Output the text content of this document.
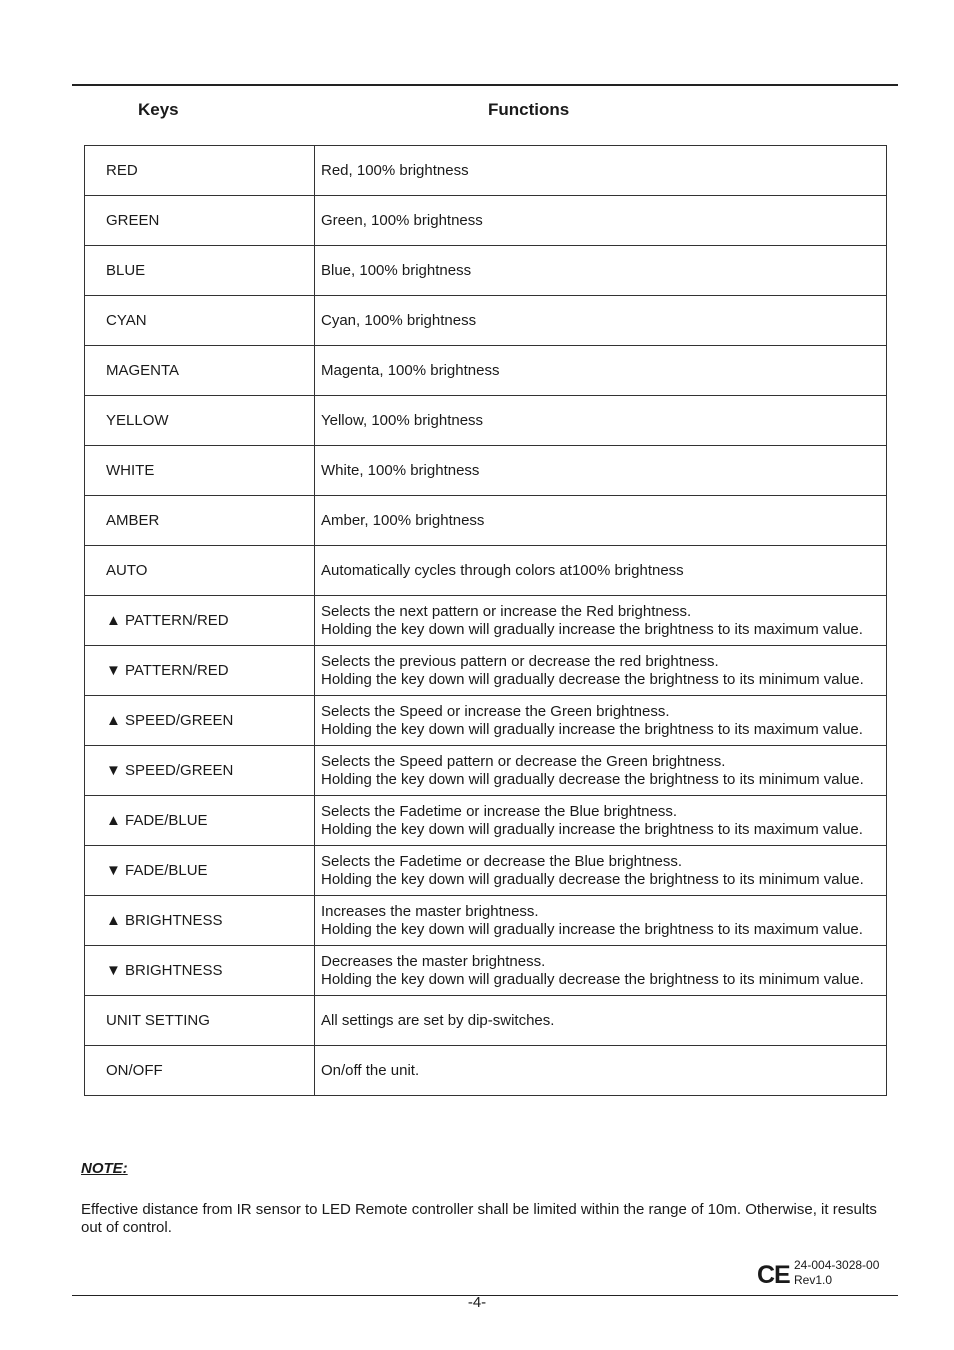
Keys	Functions
RED	Red, 100% brightness

GREEN	Green, 100% brightness

BLUE	Blue, 100% brightness

CYAN	Cyan, 100% brightness

MAGENTA	Magenta, 100% brightness

YELLOW	Yellow, 100% brightness

WHITE	White, 100% brightness

AMBER	Amber, 100% brightness

AUTO	Automatically cycles through colors at100% brightness

▲ PATTERN/RED	Selects the next pattern or increase the Red brightness.
Holding the key down will gradually increase the brightness to its maximum value.

▼ PATTERN/RED	Selects the previous pattern or decrease the red brightness.
Holding the key down will gradually decrease the brightness to its minimum value.

▲ SPEED/GREEN	Selects the Speed or increase the Green brightness.
Holding the key down will gradually increase the brightness to its maximum value.

▼ SPEED/GREEN	Selects the Speed pattern or decrease the Green brightness.
Holding the key down will gradually decrease the brightness to its minimum value.

▲ FADE/BLUE	Selects the Fadetime or increase the Blue brightness.
Holding the key down will gradually increase the brightness to its maximum value.

▼ FADE/BLUE	Selects the Fadetime or decrease the Blue brightness.
Holding the key down will gradually decrease the brightness to its minimum value.

▲ BRIGHTNESS	Increases the master brightness.
Holding the key down will gradually increase the brightness to its maximum value.

▼ BRIGHTNESS	Decreases the master brightness.
Holding the key down will gradually decrease the brightness to its minimum value.

UNIT SETTING	All settings are set by dip-switches.

ON/OFF	On/off the unit.
NOTE:
Effective distance from IR sensor to LED Remote controller shall be limited within the range of 10m. Otherwise, it results out of control.
CE 24-004-3028-00
Rev1.0
-4-
